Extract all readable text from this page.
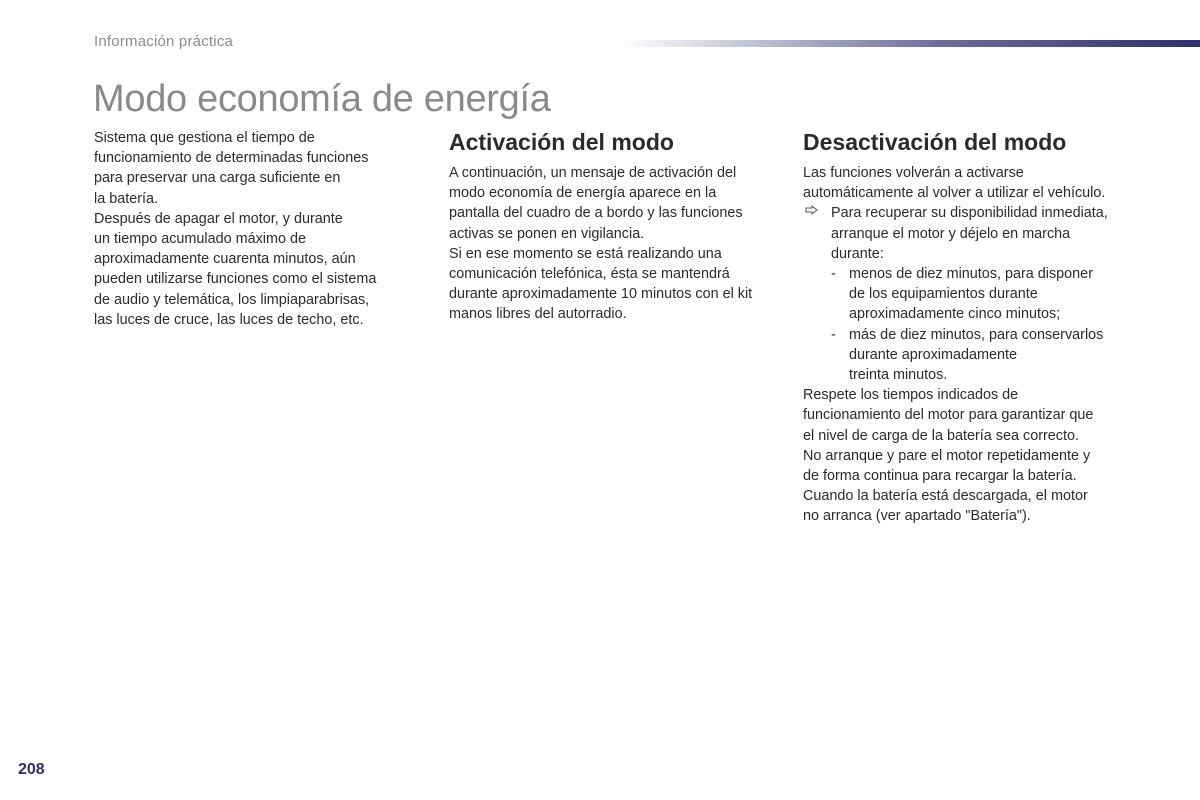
Información práctica
Modo economía de energía

Sistema que gestiona el tiempo de

funcionamiento de determinadas funciones

para preservar una carga suficiente en

la batería.

Después de apagar el motor, y durante

un tiempo acumulado máximo de

aproximadamente cuarenta minutos, aún

pueden utilizarse funciones como el sistema

de audio y telemática, los limpiaparabrisas,

las luces de cruce, las luces de techo, etc.

Activación del modo

A continuación, un mensaje de activación del

modo economía de energía aparece en la

pantalla del cuadro de a bordo y las funciones

activas se ponen en vigilancia.

Si en ese momento se está realizando una

comunicación telefónica, ésta se mantendrá

durante aproximadamente 10 minutos con el kit

manos libres del autorradio.

Desactivación del modo

Las funciones volverán a activarse

automáticamente al volver a utilizar el vehículo.

Para recuperar su disponibilidad inmediata,

arranque el motor y déjelo en marcha

durante:

- menos de diez minutos, para disponer

de los equipamientos durante

aproximadamente cinco minutos;

- más de diez minutos, para conservarlos

durante aproximadamente

treinta minutos.

Respete los tiempos indicados de

funcionamiento del motor para garantizar que

el nivel de carga de la batería sea correcto.

No arranque y pare el motor repetidamente y

de forma continua para recargar la batería.

Cuando la batería está descargada, el motor

no arranca (ver apartado "Batería").

208
